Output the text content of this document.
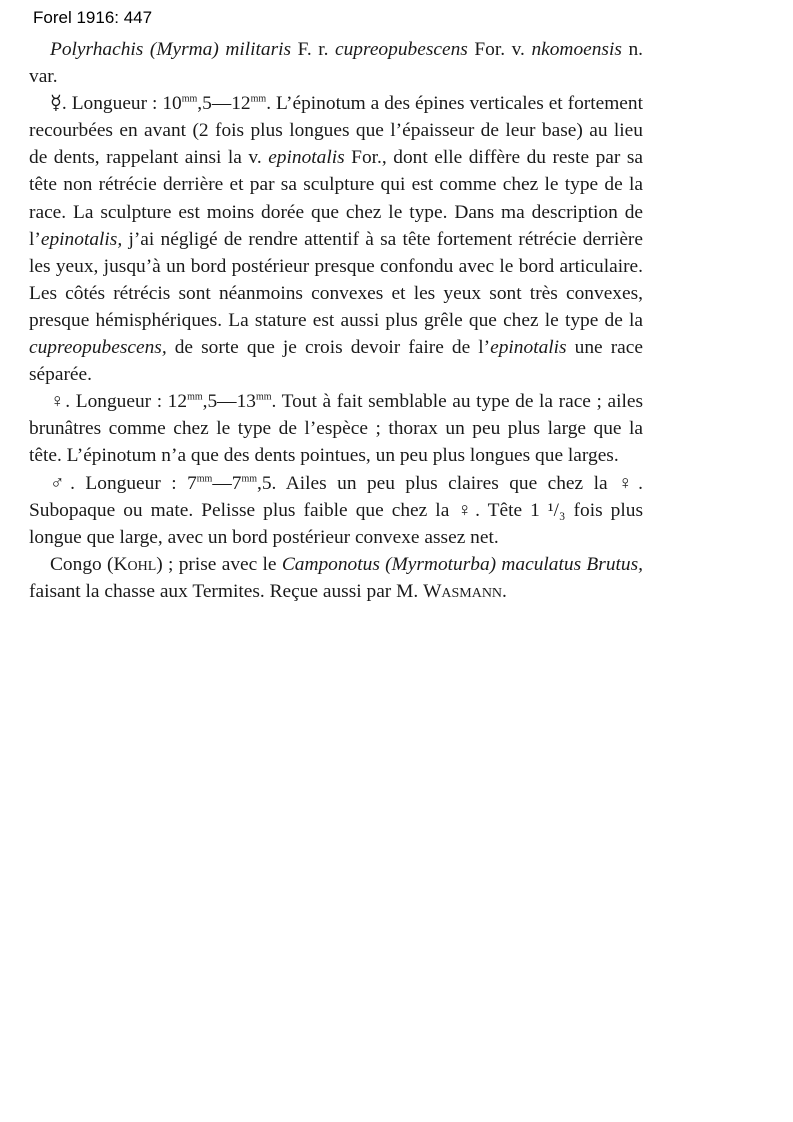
Forel 1916: 447

Polyrhachis (Myrma) militaris F. r. cupreopubescens For. v. nkomoensis n. var.

☿. Longueur : $10^{mm},5—12^{mm}$. L’épinotum a des épines verticales et fortement recourbées en avant (2 fois plus longues que l’épaisseur de leur base) au lieu de dents, rappelant ainsi la v. epinotalis For., dont elle diffère du reste par sa tête non rétrécie derrière et par sa sculpture qui est comme chez le type de la race. La sculpture est moins dorée que chez le type. Dans ma description de l’epinotalis, j’ai négligé de rendre attentif à sa tête fortement rétrécie derrière les yeux, jusqu’à un bord postérieur presque confondu avec le bord articulaire. Les côtés rétrécis sont néanmoins convexes et les yeux sont très convexes, presque hémisphériques. La stature est aussi plus grêle que chez le type de la cupreopubescens, de sorte que je crois devoir faire de l’epinotalis une race séparée.

♀. Longueur : $12^{mm},5—13^{mm}$. Tout à fait semblable au type de la race ; ailes brunâtres comme chez le type de l’espèce ; thorax un peu plus large que la tête. L’épinotum n’a que des dents pointues, un peu plus longues que larges.

♂. Longueur : $7^{mm}—7^{mm},5$. Ailes un peu plus claires que chez la ♀. Subopaque ou mate. Pelisse plus faible que chez la ♀. Tête 1 ¹/₃ fois plus longue que large, avec un bord postérieur convexe assez net.

Congo (Kohl) ; prise avec le Camponotus (Myrmoturba) maculatus Brutus, faisant la chasse aux Termites. Reçue aussi par M. Wasmann.
